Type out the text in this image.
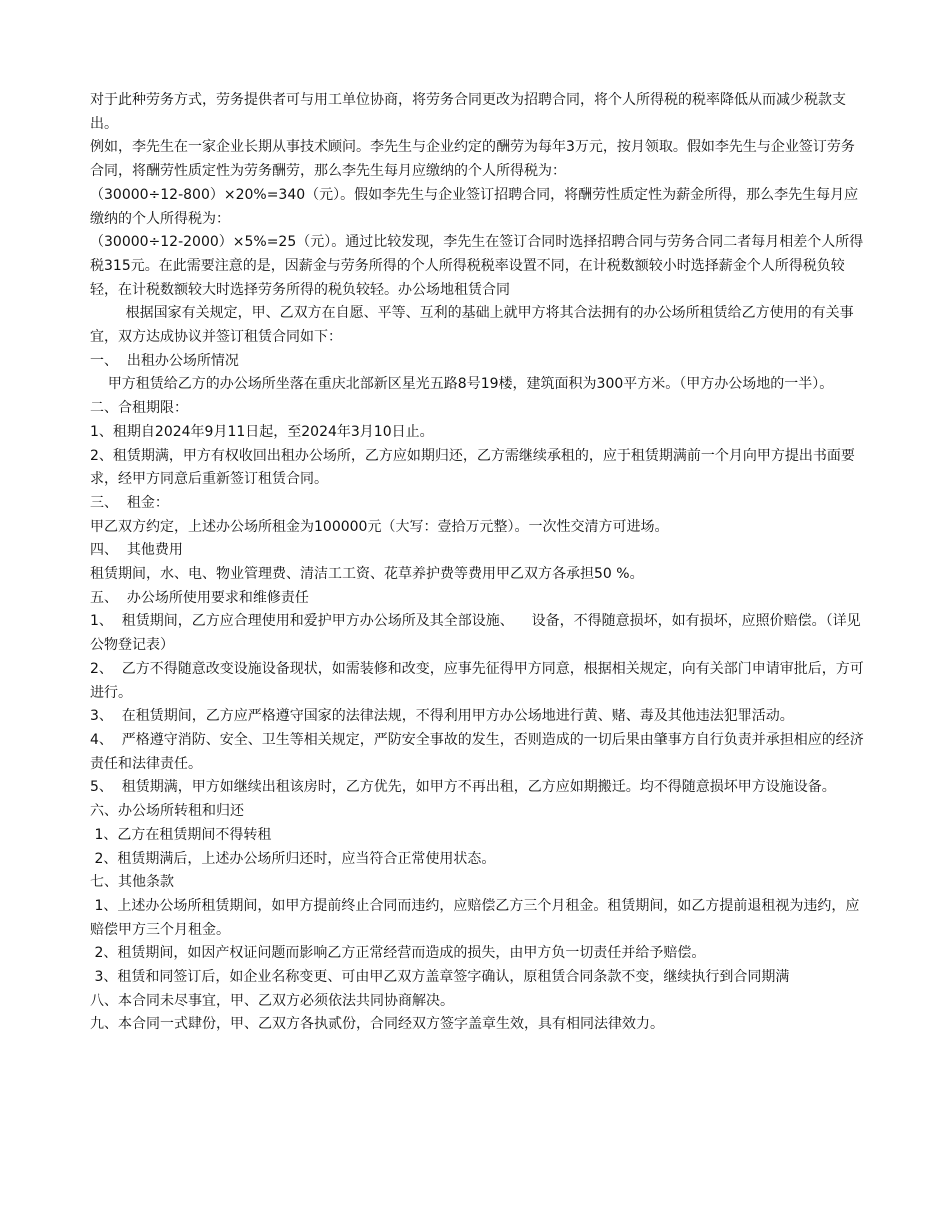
对于此种劳务方式，劳务提供者可与用工单位协商，将劳务合同更改为招聘合同，将个人所得税的税率降低从而减少税款支出。

例如，李先生在一家企业长期从事技术顾问。李先生与企业约定的酬劳为每年3万元，按月领取。假如李先生与企业签订劳务合同，将酬劳性质定性为劳务酬劳，那么李先生每月应缴纳的个人所得税为：

（30000÷12-800）×20%=340（元）。假如李先生与企业签订招聘合同，将酬劳性质定性为薪金所得，那么李先生每月应缴纳的个人所得税为：

（30000÷12-2000）×5%=25（元）。通过比较发现，李先生在签订合同时选择招聘合同与劳务合同二者每月相差个人所得税315元。在此需要注意的是，因薪金与劳务所得的个人所得税税率设置不同，在计税数额较小时选择薪金个人所得税负较轻，在计税数额较大时选择劳务所得的税负较轻。办公场地租赁合同

根据国家有关规定，甲、乙双方在自愿、平等、互利的基础上就甲方将其合法拥有的办公场所租赁给乙方使用的有关事宜，双方达成协议并签订租赁合同如下：

一、  出租办公场所情况

甲方租赁给乙方的办公场所坐落在重庆北部新区星光五路8号19楼，建筑面积为300平方米。（甲方办公场地的一半）。

二、合租期限：

1、租期自2024年9月11日起，至2024年3月10日止。

2、租赁期满，甲方有权收回出租办公场所，乙方应如期归还，乙方需继续承租的，应于租赁期满前一个月向甲方提出书面要求，经甲方同意后重新签订租赁合同。

三、  租金：

甲乙双方约定，上述办公场所租金为100000元（大写：壹拾万元整）。一次性交清方可进场。

四、  其他费用

租赁期间，水、电、物业管理费、清洁工工资、花草养护费等费用甲乙双方各承担50 %。

五、  办公场所使用要求和维修责任

1、  租赁期间，乙方应合理使用和爱护甲方办公场所及其全部设施、    设备，不得随意损坏，如有损坏，应照价赔偿。（详见公物登记表）

2、  乙方不得随意改变设施设备现状，如需装修和改变，应事先征得甲方同意，根据相关规定，向有关部门申请审批后，方可进行。

3、  在租赁期间，乙方应严格遵守国家的法律法规，不得利用甲方办公场地进行黄、赌、毒及其他违法犯罪活动。

4、  严格遵守消防、安全、卫生等相关规定，严防安全事故的发生，否则造成的一切后果由肇事方自行负责并承担相应的经济责任和法律责任。

5、  租赁期满，甲方如继续出租该房时，乙方优先，如甲方不再出租，乙方应如期搬迁。均不得随意损坏甲方设施设备。

六、办公场所转租和归还

1、乙方在租赁期间不得转租

2、租赁期满后，上述办公场所归还时，应当符合正常使用状态。

七、其他条款

1、上述办公场所租赁期间，如甲方提前终止合同而违约，应赔偿乙方三个月租金。租赁期间，如乙方提前退租视为违约，应赔偿甲方三个月租金。

2、租赁期间，如因产权证问题而影响乙方正常经营而造成的损失，由甲方负一切责任并给予赔偿。

3、租赁和同签订后，如企业名称变更、可由甲乙双方盖章签字确认，原租赁合同条款不变，继续执行到合同期满

八、本合同未尽事宜，甲、乙双方必须依法共同协商解决。

九、本合同一式肆份，甲、乙双方各执贰份，合同经双方签字盖章生效，具有相同法律效力。
